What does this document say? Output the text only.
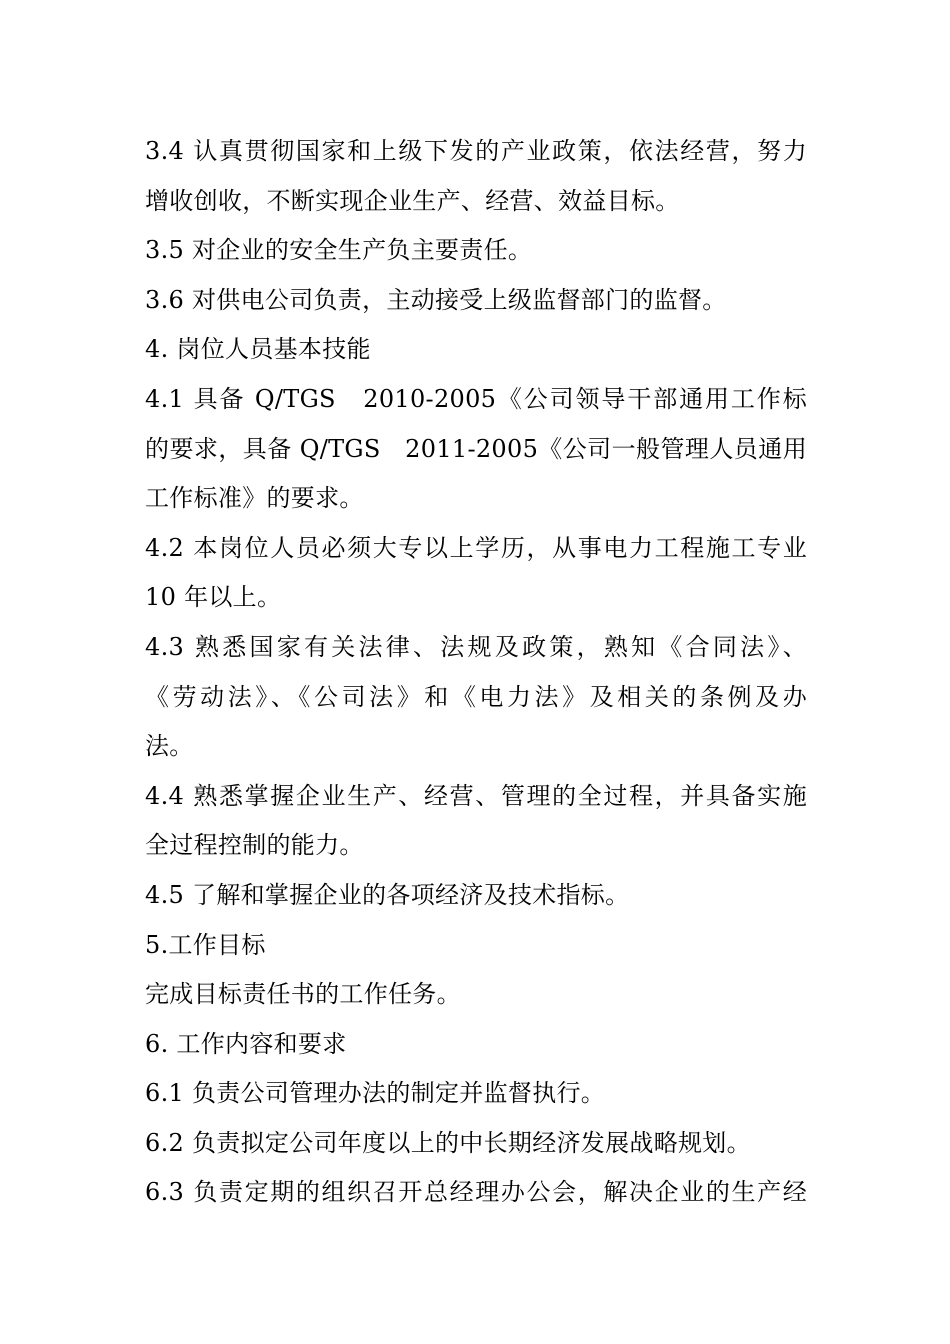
3.4 认真贯彻国家和上级下发的产业政策，依法经营，努力
增收创收，不断实现企业生产、经营、效益目标。
3.5 对企业的安全生产负主要责任。
3.6 对供电公司负责，主动接受上级监督部门的监督。
4. 岗位人员基本技能
4.1 具备 Q/TGS　2010-2005《公司领导干部通用工作标
的要求，具备 Q/TGS　2011-2005《公司一般管理人员通用
工作标准》的要求。
4.2 本岗位人员必须大专以上学历，从事电力工程施工专业
10 年以上。
4.3 熟悉国家有关法律、法规及政策，熟知《合同法》、
《劳动法》、《公司法》和《电力法》及相关的条例及办
法。
4.4 熟悉掌握企业生产、经营、管理的全过程，并具备实施
全过程控制的能力。
4.5 了解和掌握企业的各项经济及技术指标。
5.工作目标
完成目标责任书的工作任务。
6. 工作内容和要求
6.1 负责公司管理办法的制定并监督执行。
6.2 负责拟定公司年度以上的中长期经济发展战略规划。
6.3 负责定期的组织召开总经理办公会，解决企业的生产经
